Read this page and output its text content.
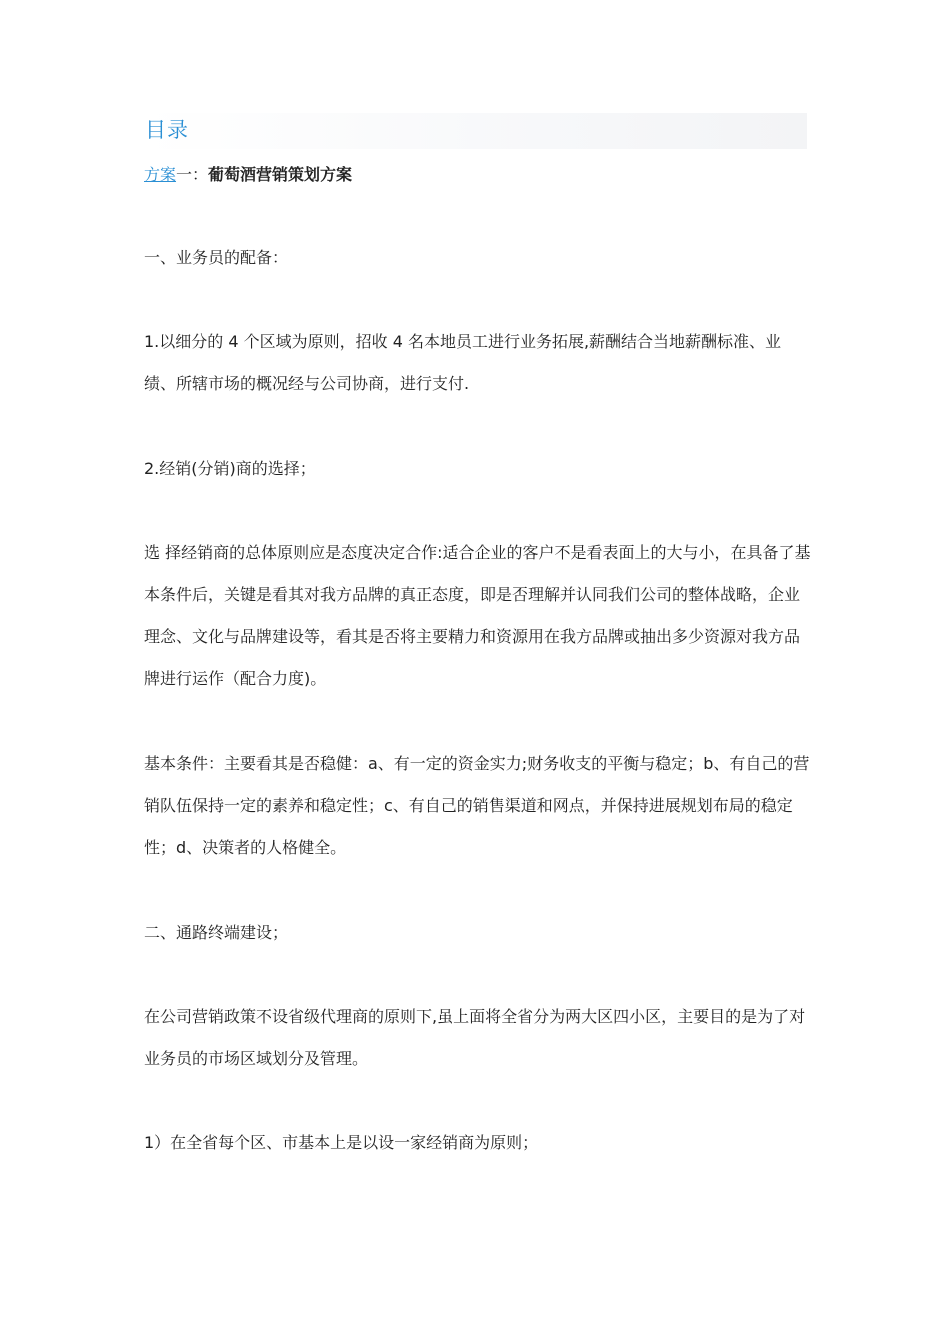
目录
方案一：葡萄酒营销策划方案

一、业务员的配备：

1.以细分的 4 个区域为原则，招收 4 名本地员工进行业务拓展,薪酬结合当地薪酬标准、业绩、所辖市场的概况经与公司协商，进行支付.

2.经销(分销)商的选择；

选 择经销商的总体原则应是态度决定合作:适合企业的客户不是看表面上的大与小，在具备了基本条件后，关键是看其对我方品牌的真正态度，即是否理解并认同我们公司的整体战略，企业理念、文化与品牌建设等，看其是否将主要精力和资源用在我方品牌或抽出多少资源对我方品牌进行运作（配合力度)。

基本条件：主要看其是否稳健：a、有一定的资金实力;财务收支的平衡与稳定；b、有自己的营销队伍保持一定的素养和稳定性；c、有自己的销售渠道和网点，并保持进展规划布局的稳定性；d、决策者的人格健全。

二、通路终端建设；

在公司营销政策不设省级代理商的原则下,虽上面将全省分为两大区四小区，主要目的是为了对业务员的市场区域划分及管理。

1）在全省每个区、市基本上是以设一家经销商为原则；
